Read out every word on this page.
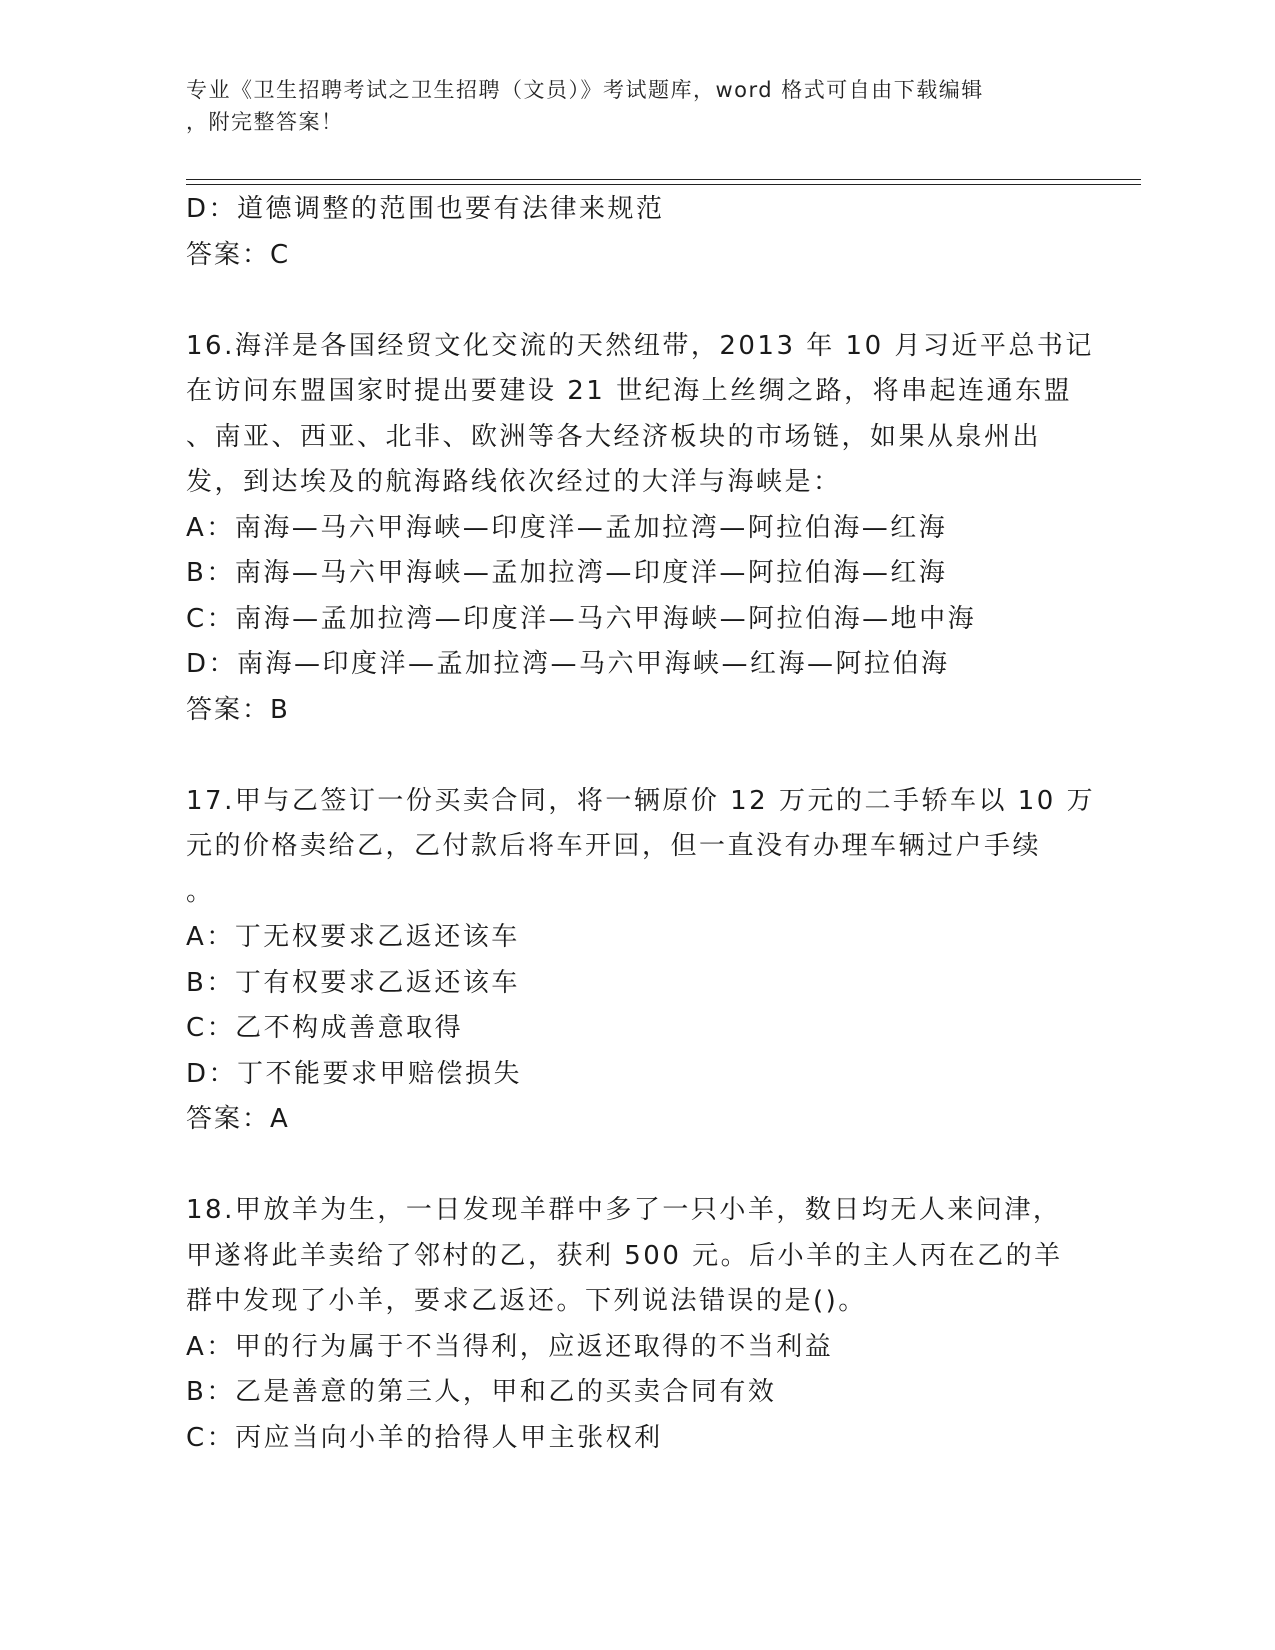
专业《卫生招聘考试之卫生招聘（文员）》考试题库，word 格式可自由下载编辑
，附完整答案！
D：道德调整的范围也要有法律来规范
答案：C
16.海洋是各国经贸文化交流的天然纽带，2013 年 10 月习近平总书记
在访问东盟国家时提出要建设 21 世纪海上丝绸之路，将串起连通东盟
、南亚、西亚、北非、欧洲等各大经济板块的市场链，如果从泉州出
发，到达埃及的航海路线依次经过的大洋与海峡是：
A：南海—马六甲海峡—印度洋—孟加拉湾—阿拉伯海—红海
B：南海—马六甲海峡—孟加拉湾—印度洋—阿拉伯海—红海
C：南海—孟加拉湾—印度洋—马六甲海峡—阿拉伯海—地中海
D：南海—印度洋—孟加拉湾—马六甲海峡—红海—阿拉伯海
答案：B
17.甲与乙签订一份买卖合同，将一辆原价 12 万元的二手轿车以 10 万
元的价格卖给乙，乙付款后将车开回，但一直没有办理车辆过户手续
。
A：丁无权要求乙返还该车
B：丁有权要求乙返还该车
C：乙不构成善意取得
D：丁不能要求甲赔偿损失
答案：A
18.甲放羊为生，一日发现羊群中多了一只小羊，数日均无人来问津，
甲遂将此羊卖给了邻村的乙，获利 500 元。后小羊的主人丙在乙的羊
群中发现了小羊，要求乙返还。下列说法错误的是()。
A：甲的行为属于不当得利，应返还取得的不当利益
B：乙是善意的第三人，甲和乙的买卖合同有效
C：丙应当向小羊的拾得人甲主张权利
